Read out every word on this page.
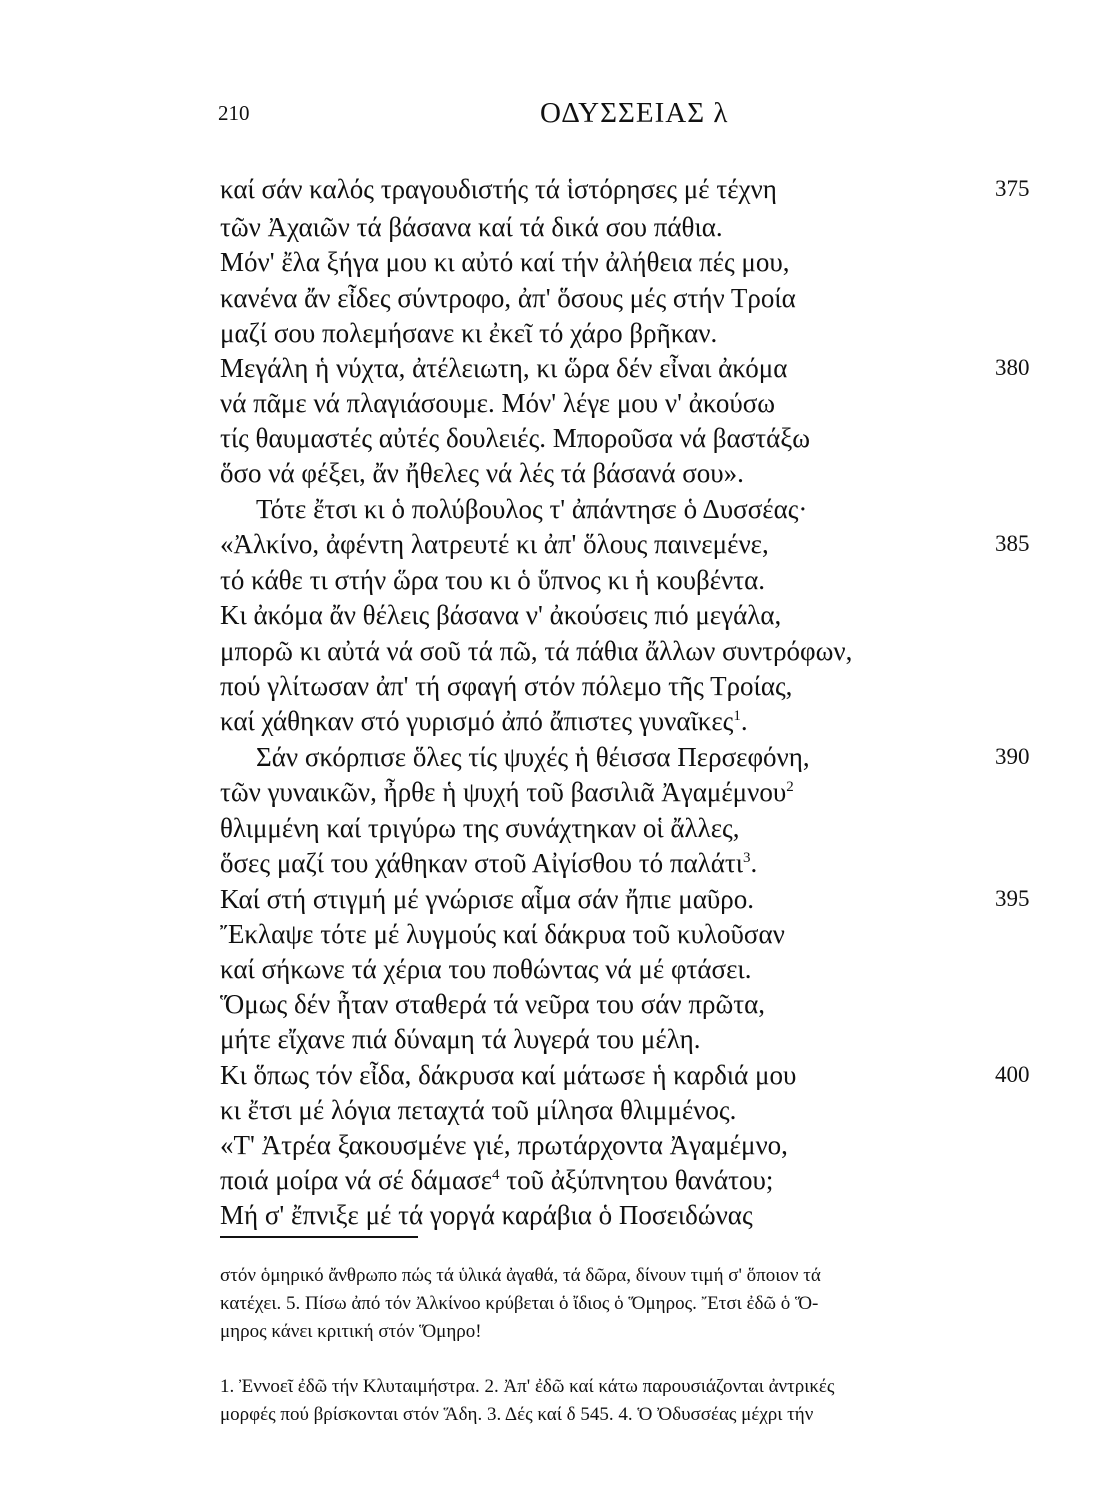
210	ΟΔΥΣΣΕΙΑΣ λ
καί σάν καλός τραγουδιστής τά ἱστόρησες μέ τέχνη
τῶν Ἀχαιῶν τά βάσανα καί τά δικά σου πάθια.
Μόν' ἔλα ξήγα μου κι αὐτό καί τήν ἀλήθεια πές μου,
κανένα ἄν εἶδες σύντροφο, ἀπ' ὅσους μές στήν Τροία
μαζί σου πολεμήσανε κι ἐκεῖ τό χάρο βρῆκαν.
Μεγάλη ἡ νύχτα, ἀτέλειωτη, κι ὥρα δέν εἶναι ἀκόμα
νά πᾶμε νά πλαγιάσουμε. Μόν' λέγε μου ν' ἀκούσω
τίς θαυμαστές αὐτές δουλειές. Μποροῦσα νά βαστάξω
ὅσο νά φέξει, ἄν ἤθελες νά λές τά βάσανά σου».
Τότε ἔτσι κι ὁ πολύβουλος τ' ἀπάντησε ὁ Δυσσέας·
«Ἀλκίνο, ἀφέντη λατρευτέ κι ἀπ' ὅλους παινεμένε,
τό κάθε τι στήν ὥρα του κι ὁ ὕπνος κι ἡ κουβέντα.
Κι ἀκόμα ἄν θέλεις βάσανα ν' ἀκούσεις πιό μεγάλα,
μπορῶ κι αὐτά νά σοῦ τά πῶ, τά πάθια ἄλλων συντρόφων,
πού γλίτωσαν ἀπ' τή σφαγή στόν πόλεμο τῆς Τροίας,
καί χάθηκαν στό γυρισμό ἀπό ἄπιστες γυναῖκες$^1$.
Σάν σκόρπισε ὅλες τίς ψυχές ἡ θέισσα Περσεφόνη,
τῶν γυναικῶν, ἦρθε ἡ ψυχή τοῦ βασιλιᾶ Ἀγαμέμνου$^2$
θλιμμένη καί τριγύρω της συνάχτηκαν οἱ ἄλλες,
ὅσες μαζί του χάθηκαν στοῦ Αἰγίσθου τό παλάτι$^3$.
Καί στή στιγμή μέ γνώρισε αἷμα σάν ἤπιε μαῦρο.
Ἔκλαψε τότε μέ λυγμούς καί δάκρυα τοῦ κυλοῦσαν
καί σήκωνε τά χέρια του ποθώντας νά μέ φτάσει.
Ὅμως δέν ἦταν σταθερά τά νεῦρα του σάν πρῶτα,
μήτε εἴχανε πιά δύναμη τά λυγερά του μέλη.
Κι ὅπως τόν εἶδα, δάκρυσα καί μάτωσε ἡ καρδιά μου
κι ἔτσι μέ λόγια πεταχτά τοῦ μίλησα θλιμμένος.
«Τ' Ἀτρέα ξακουσμένε γιέ, πρωτάρχοντα Ἀγαμέμνο,
ποιά μοίρα νά σέ δάμασε$^4$ τοῦ ἀξύπνητου θανάτου;
Μή σ' ἔπνιξε μέ τά γοργά καράβια ὁ Ποσειδώνας
375
380
385
390
395
400
στόν ὁμηρικό ἄνθρωπο πώς τά ὑλικά ἀγαθά, τά δῶρα, δίνουν τιμή σ' ὅποιον τά
κατέχει. 5. Πίσω ἀπό τόν Ἀλκίνοο κρύβεται ὁ ἴδιος ὁ Ὅμηρος. Ἔτσι ἐδῶ ὁ Ὅ-
μηρος κάνει κριτική στόν Ὅμηρο!
1. Ἐννοεῖ ἐδῶ τήν Κλυταιμήστρα. 2. Ἀπ' ἐδῶ καί κάτω παρουσιάζονται ἀντρικές
μορφές πού βρίσκονται στόν Ἅδη. 3. Δές καί δ 545. 4. Ὁ Ὀδυσσέας μέχρι τήν
